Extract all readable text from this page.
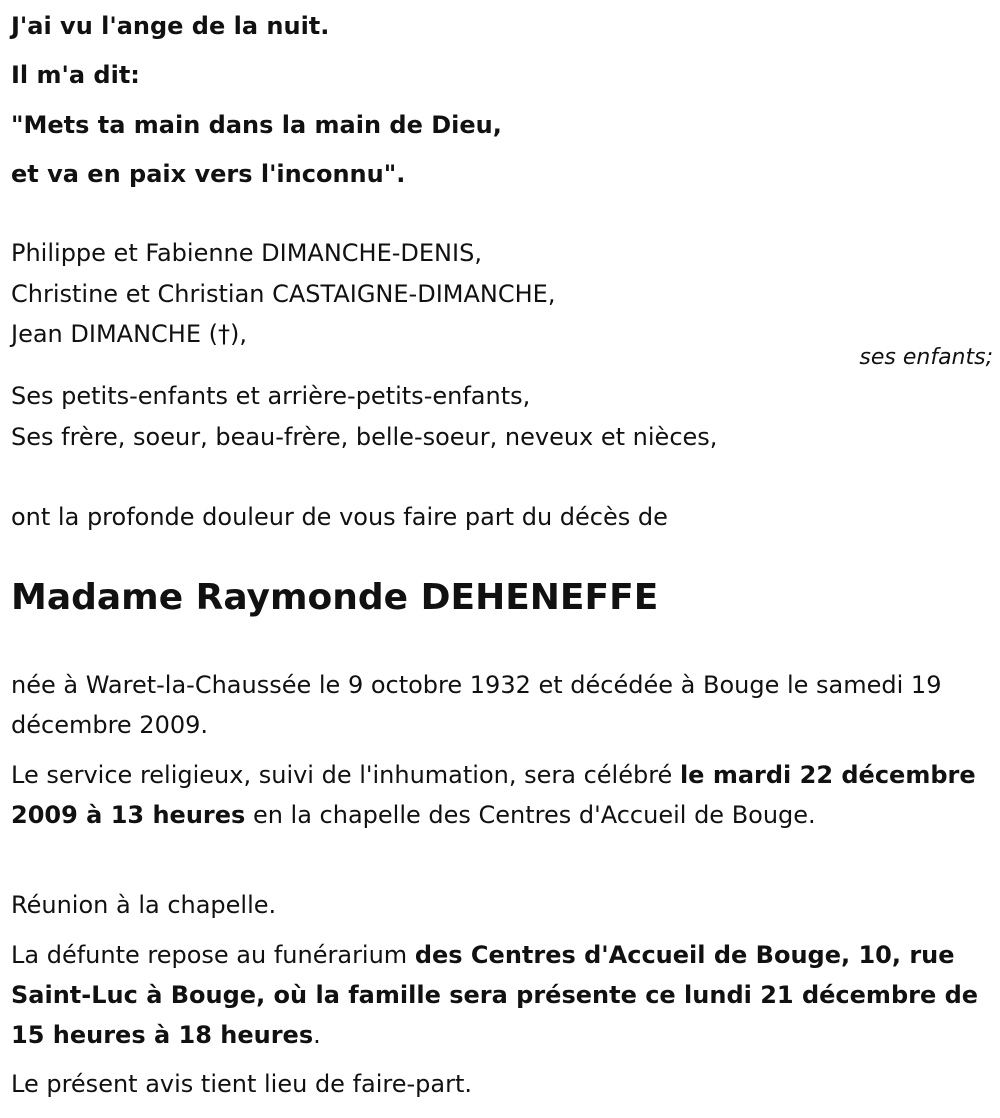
J'ai vu l'ange de la nuit.
Il m'a dit:
"Mets ta main dans la main de Dieu,
et va en paix vers l'inconnu".
Philippe et Fabienne DIMANCHE-DENIS,
Christine et Christian CASTAIGNE-DIMANCHE,
Jean DIMANCHE (†),
ses enfants;
Ses petits-enfants et arrière-petits-enfants,
Ses frère, soeur, beau-frère, belle-soeur, neveux et nièces,
ont la profonde douleur de vous faire part du décès de
Madame Raymonde DEHENEFFE
née à Waret-la-Chaussée le 9 octobre 1932 et décédée à Bouge le samedi 19 décembre 2009.
Le service religieux, suivi de l'inhumation, sera célébré le mardi 22 décembre 2009 à 13 heures en la chapelle des Centres d'Accueil de Bouge.
Réunion à la chapelle.
La défunte repose au funérarium des Centres d'Accueil de Bouge, 10, rue Saint-Luc à Bouge, où la famille sera présente ce lundi 21 décembre de 15 heures à 18 heures.
Le présent avis tient lieu de faire-part.
